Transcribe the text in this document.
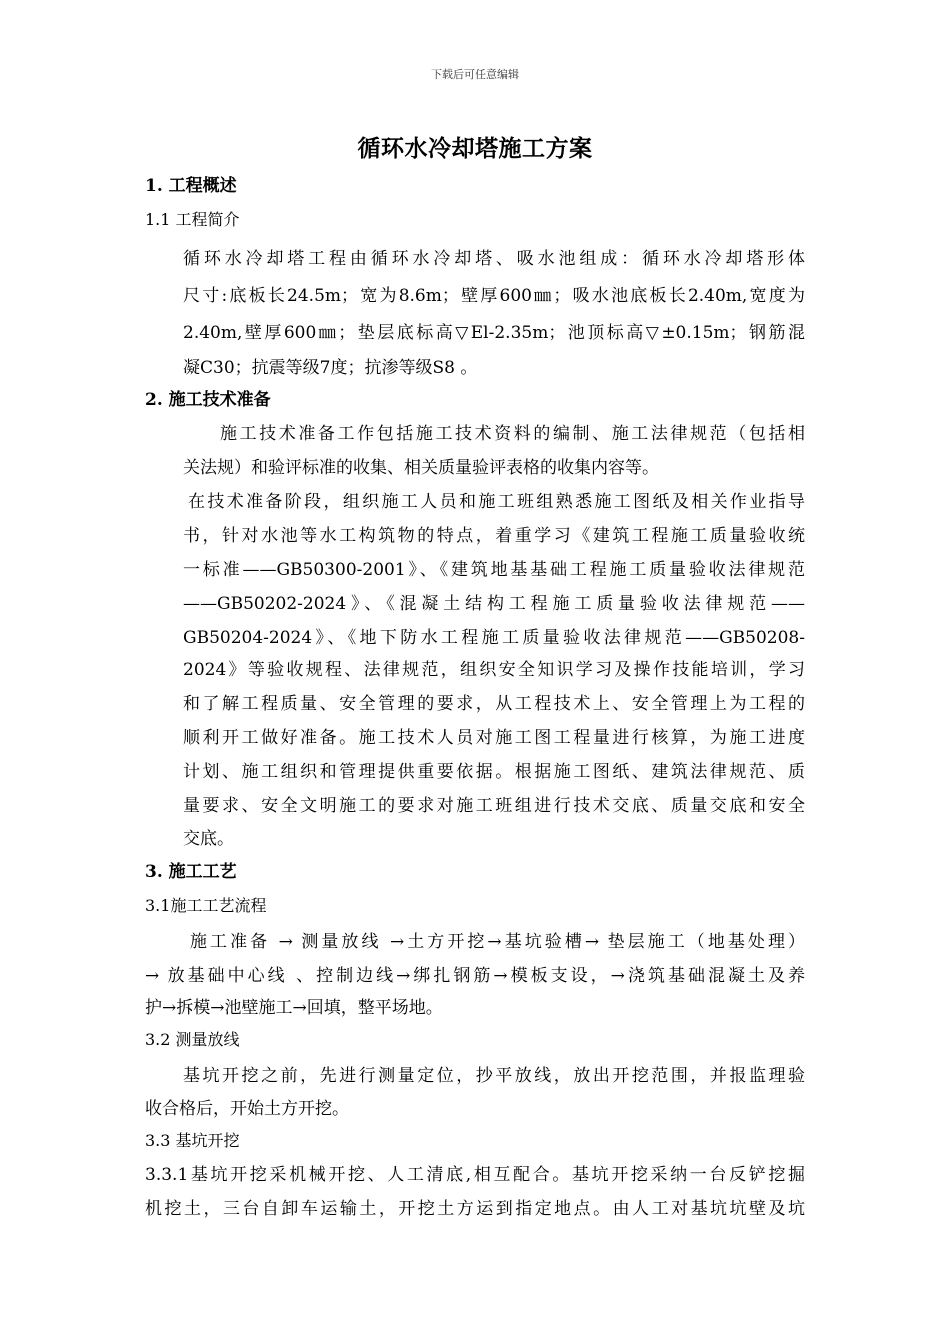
下载后可任意编辑
循环水冷却塔施工方案
1. 工程概述
1.1 工程简介
循环水冷却塔工程由循环水冷却塔、吸水池组成：循环水冷却塔形体
尺寸:底板长24.5m；宽为8.6m；壁厚600㎜；吸水池底板长2.40m,宽度为
2.40m,壁厚600㎜；垫层底标高▽El-2.35m；池顶标高▽±0.15m；钢筋混
凝C30；抗震等级7度；抗渗等级S8 。
2. 施工技术准备
施工技术准备工作包括施工技术资料的编制、施工法律规范（包括相
关法规）和验评标准的收集、相关质量验评表格的收集内容等。
在技术准备阶段，组织施工人员和施工班组熟悉施工图纸及相关作业指导
书，针对水池等水工构筑物的特点，着重学习《建筑工程施工质量验收统
一标准——GB50300-2001》、《建筑地基基础工程施工质量验收法律规范
——GB50202-2024》、《混凝土结构工程施工质量验收法律规范——
GB50204-2024》、《地下防水工程施工质量验收法律规范——GB50208-
2024》等验收规程、法律规范，组织安全知识学习及操作技能培训，学习
和了解工程质量、安全管理的要求，从工程技术上、安全管理上为工程的
顺利开工做好准备。施工技术人员对施工图工程量进行核算，为施工进度
计划、施工组织和管理提供重要依据。根据施工图纸、建筑法律规范、质
量要求、安全文明施工的要求对施工班组进行技术交底、质量交底和安全
交底。
3. 施工工艺
3.1施工工艺流程
施工准备 → 测量放线 →土方开挖→基坑验槽→ 垫层施工（地基处理）
→ 放基础中心线 、控制边线→绑扎钢筋→模板支设，→浇筑基础混凝土及养
护→拆模→池壁施工→回填，整平场地。
3.2 测量放线
基坑开挖之前，先进行测量定位，抄平放线，放出开挖范围，并报监理验
收合格后，开始土方开挖。
3.3 基坑开挖
3.3.1基坑开挖采机械开挖、人工清底,相互配合。基坑开挖采纳一台反铲挖掘
机挖土，三台自卸车运输土，开挖土方运到指定地点。由人工对基坑坑壁及坑
